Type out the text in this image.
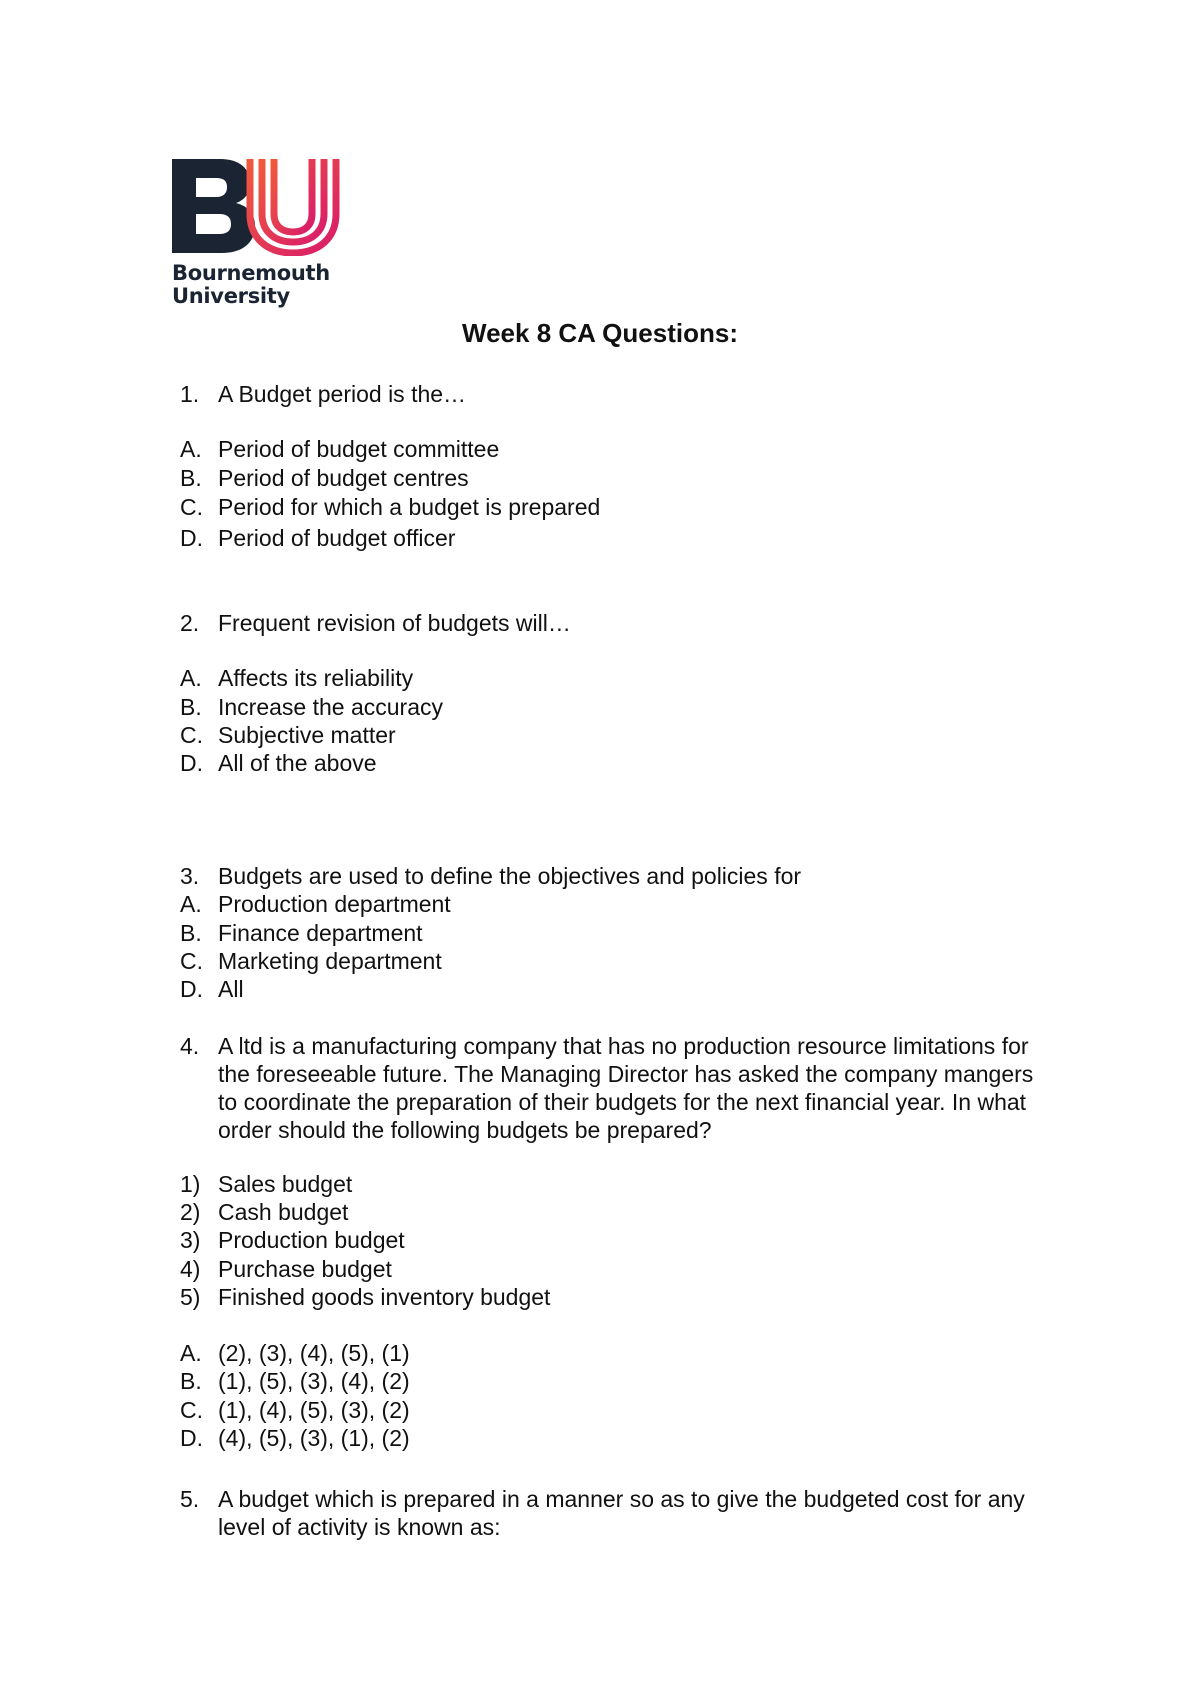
Bournemouth
University
Week 8 CA Questions:
1. A Budget period is the…
A. Period of budget committee
B. Period of budget centres
C. Period for which a budget is prepared
D. Period of budget officer
2. Frequent revision of budgets will…
A. Affects its reliability
B. Increase the accuracy
C. Subjective matter
D. All of the above
3. Budgets are used to define the objectives and policies for
A. Production department
B. Finance department
C. Marketing department
D. All
4. A ltd is a manufacturing company that has no production resource limitations for the foreseeable future. The Managing Director has asked the company mangers to coordinate the preparation of their budgets for the next financial year. In what order should the following budgets be prepared?
1) Sales budget
2) Cash budget
3) Production budget
4) Purchase budget
5) Finished goods inventory budget
A. (2), (3), (4), (5), (1)
B. (1), (5), (3), (4), (2)
C. (1), (4), (5), (3), (2)
D. (4), (5), (3), (1), (2)
5. A budget which is prepared in a manner so as to give the budgeted cost for any level of activity is known as:
